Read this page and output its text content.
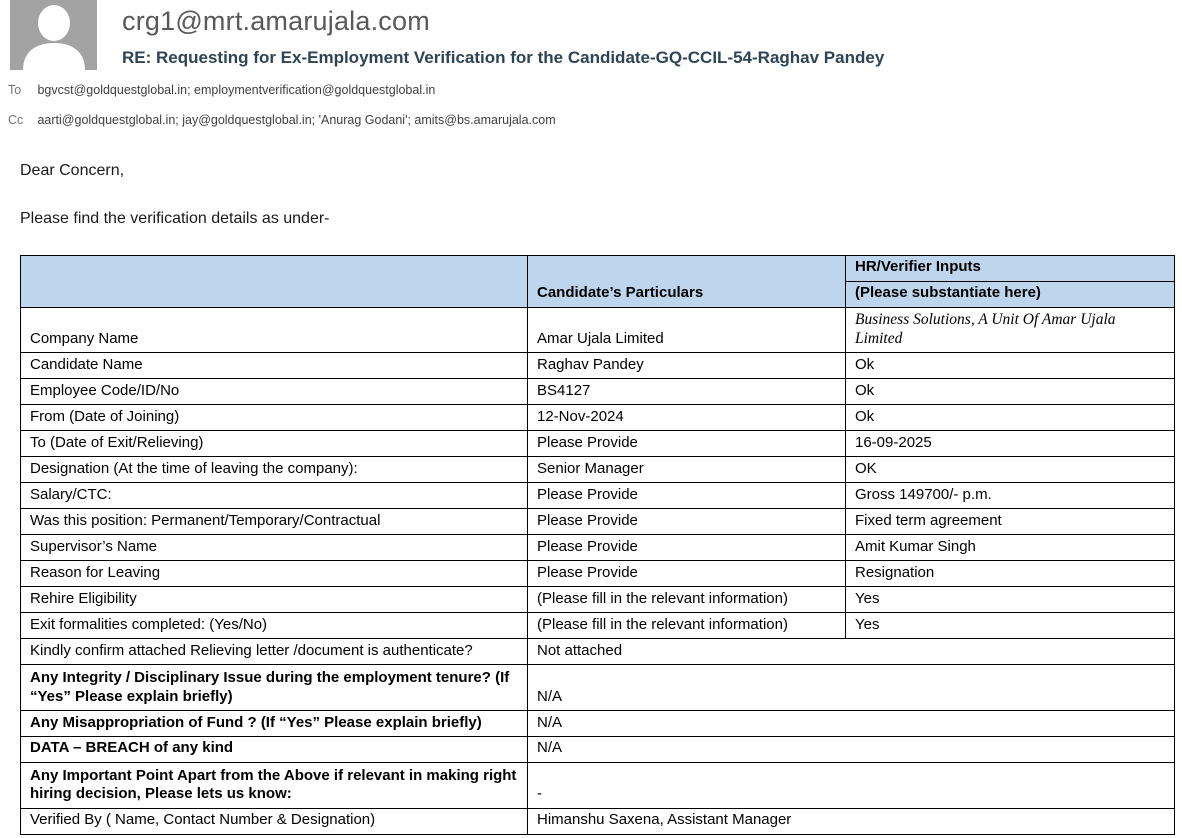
crg1@mrt.amarujala.com
RE: Requesting for Ex-Employment Verification for the Candidate-GQ-CCIL-54-Raghav Pandey
To bgvcst@goldquestglobal.in; employmentverification@goldquestglobal.in
Cc aarti@goldquestglobal.in; jay@goldquestglobal.in; 'Anurag Godani'; amits@bs.amarujala.com
Dear Concern,
Please find the verification details as under-
	Candidate’s Particulars	HR/Verifier Inputs
		(Please substantiate here)
Company Name	Amar Ujala Limited	Business Solutions, A Unit Of Amar Ujala Limited
Candidate Name	Raghav Pandey	Ok
Employee Code/ID/No	BS4127	Ok
From (Date of Joining)	12-Nov-2024	Ok
To (Date of Exit/Relieving)	Please Provide	16-09-2025
Designation (At the time of leaving the company):	Senior Manager	OK
Salary/CTC:	Please Provide	Gross 149700/- p.m.
Was this position: Permanent/Temporary/Contractual	Please Provide	Fixed term agreement
Supervisor’s Name	Please Provide	Amit Kumar Singh
Reason for Leaving	Please Provide	Resignation
Rehire Eligibility	(Please fill in the relevant information)	Yes
Exit formalities completed: (Yes/No)	(Please fill in the relevant information)	Yes
Kindly confirm attached Relieving letter /document is authenticate?	Not attached	
Any Integrity / Disciplinary Issue during the employment tenure? (If “Yes” Please explain briefly)	N/A	
Any Misappropriation of Fund ? (If “Yes” Please explain briefly)	N/A	
DATA – BREACH of any kind	N/A	
Any Important Point Apart from the Above if relevant in making right hiring decision, Please lets us know:	-	
Verified By ( Name, Contact Number & Designation)	Himanshu Saxena, Assistant Manager	
